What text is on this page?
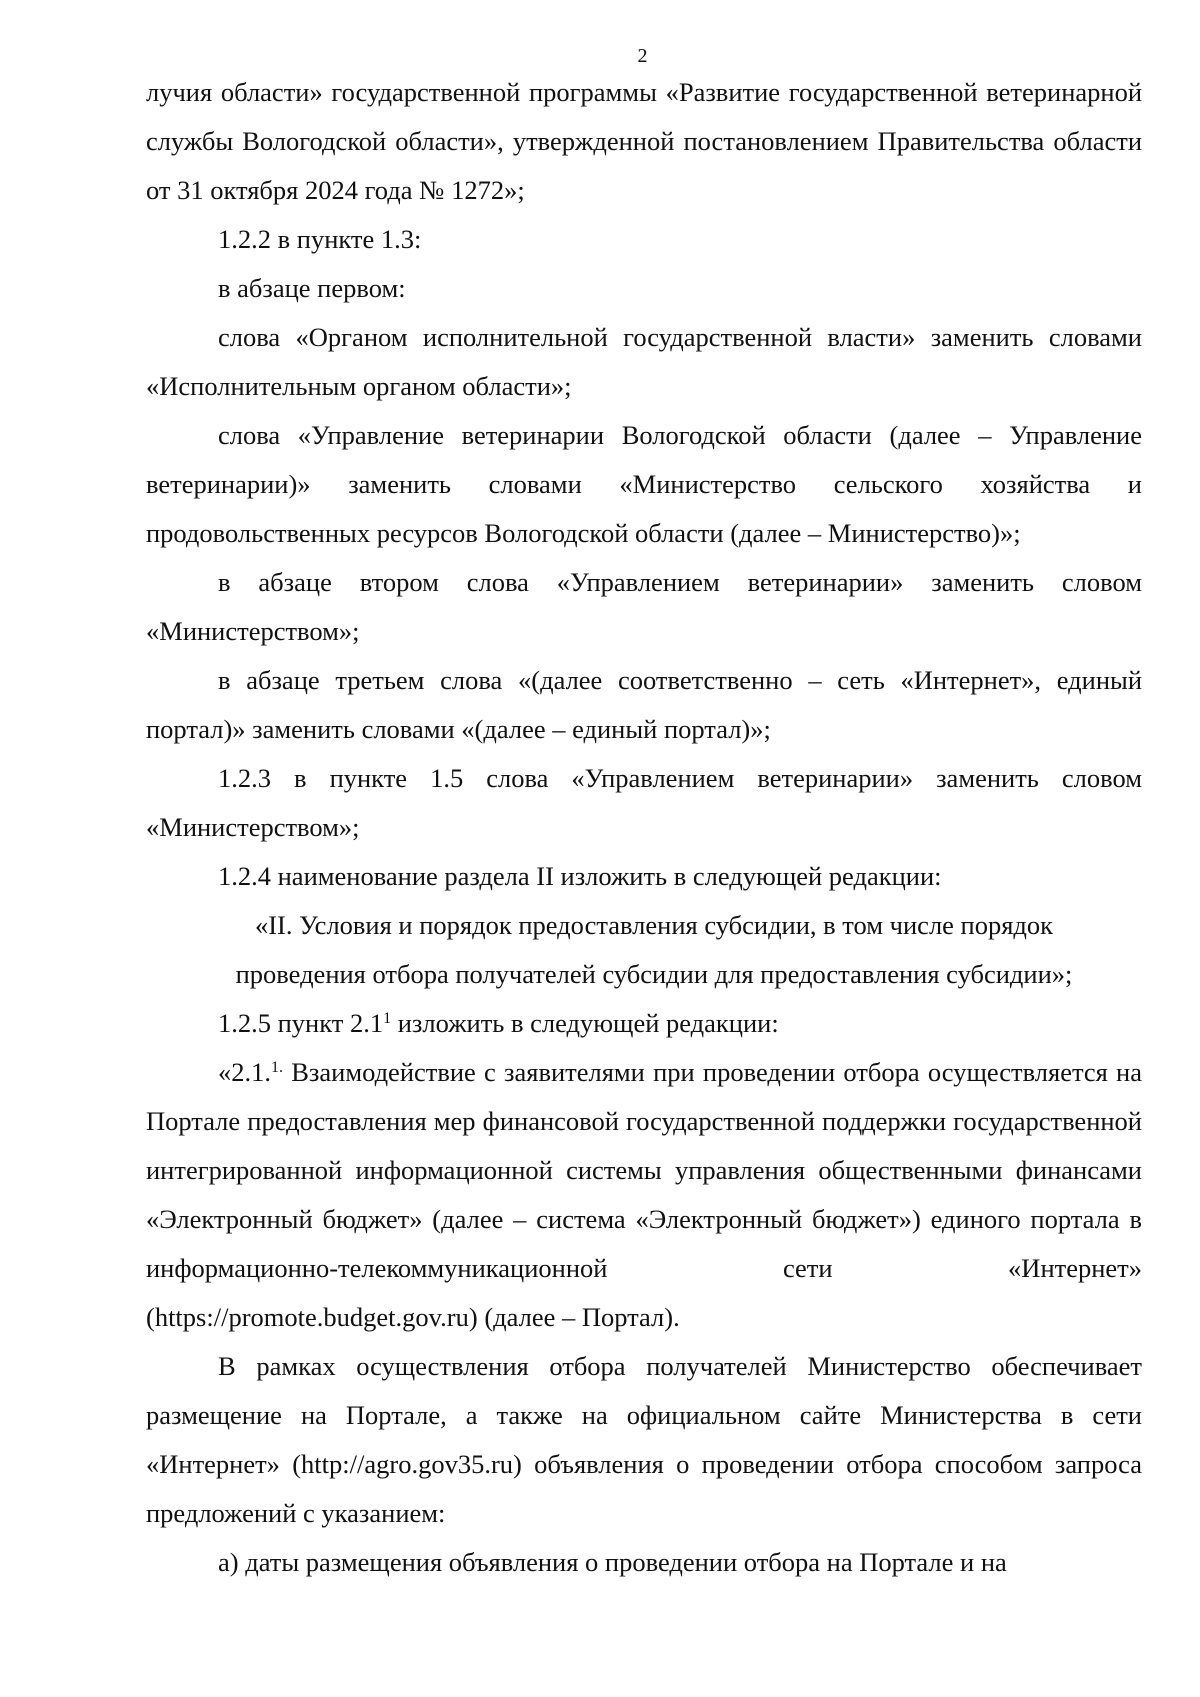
2

лучия области» государственной программы «Развитие государственной ветеринарной службы Вологодской области», утвержденной постановлением Правительства области от 31 октября 2024 года № 1272»;

1.2.2 в пункте 1.3:

в абзаце первом:

слова «Органом исполнительной государственной власти» заменить словами «Исполнительным органом области»;

слова «Управление ветеринарии Вологодской области (далее – Управление ветеринарии)» заменить словами «Министерство сельского хозяйства и продовольственных ресурсов Вологодской области (далее – Министерство)»;

в абзаце втором слова «Управлением ветеринарии» заменить словом «Министерством»;

в абзаце третьем слова «(далее соответственно – сеть «Интернет», единый портал)» заменить словами «(далее – единый портал)»;

1.2.3 в пункте 1.5 слова «Управлением ветеринарии» заменить словом «Министерством»;

1.2.4 наименование раздела II изложить в следующей редакции:

«II. Условия и порядок предоставления субсидии, в том числе порядок
проведения отбора получателей субсидии для предоставления субсидии»;

1.2.5 пункт $2.1^1$ изложить в следующей редакции:

«2.1.$^{1.}$ Взаимодействие с заявителями при проведении отбора осуществляется на Портале предоставления мер финансовой государственной поддержки государственной интегрированной информационной системы управления общественными финансами «Электронный бюджет» (далее – система «Электронный бюджет») единого портала в информационно-телекоммуникационной сети «Интернет» (https://promote.budget.gov.ru) (далее – Портал).

В рамках осуществления отбора получателей Министерство обеспечивает размещение на Портале, а также на официальном сайте Министерства в сети «Интернет» (http://agro.gov35.ru) объявления о проведении отбора способом запроса предложений с указанием:

а) даты размещения объявления о проведении отбора на Портале и на
